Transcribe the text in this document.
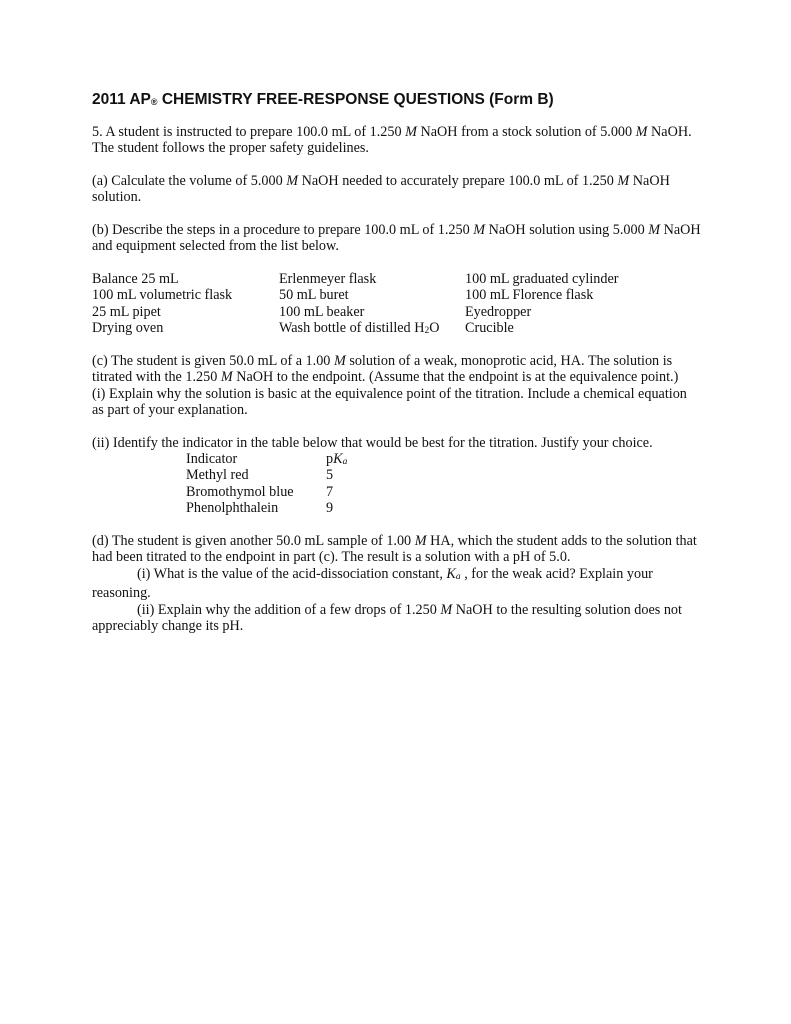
2011 AP® CHEMISTRY FREE-RESPONSE QUESTIONS (Form B)

5. A student is instructed to prepare 100.0 mL of 1.250 M NaOH from a stock solution of 5.000 M NaOH. The student follows the proper safety guidelines.

(a) Calculate the volume of 5.000 M NaOH needed to accurately prepare 100.0 mL of 1.250 M NaOH solution.

(b) Describe the steps in a procedure to prepare 100.0 mL of 1.250 M NaOH solution using 5.000 M NaOH and equipment selected from the list below.

Balance 25 mL	Erlenmeyer flask	100 mL graduated cylinder
100 mL volumetric flask	50 mL buret	100 mL Florence flask
25 mL pipet	100 mL beaker	Eyedropper
Drying oven	Wash bottle of distilled H2O	Crucible

(c) The student is given 50.0 mL of a 1.00 M solution of a weak, monoprotic acid, HA. The solution is titrated with the 1.250 M NaOH to the endpoint. (Assume that the endpoint is at the equivalence point.)
(i) Explain why the solution is basic at the equivalence point of the titration. Include a chemical equation as part of your explanation.

(ii) Identify the indicator in the table below that would be best for the titration. Justify your choice.

Indicator	pKa
Methyl red	5
Bromothymol blue	7
Phenolphthalein	9

(d) The student is given another 50.0 mL sample of 1.00 M HA, which the student adds to the solution that had been titrated to the endpoint in part (c). The result is a solution with a pH of 5.0.
(i) What is the value of the acid-dissociation constant, Ka , for the weak acid? Explain your reasoning.
(ii) Explain why the addition of a few drops of 1.250 M NaOH to the resulting solution does not appreciably change its pH.
